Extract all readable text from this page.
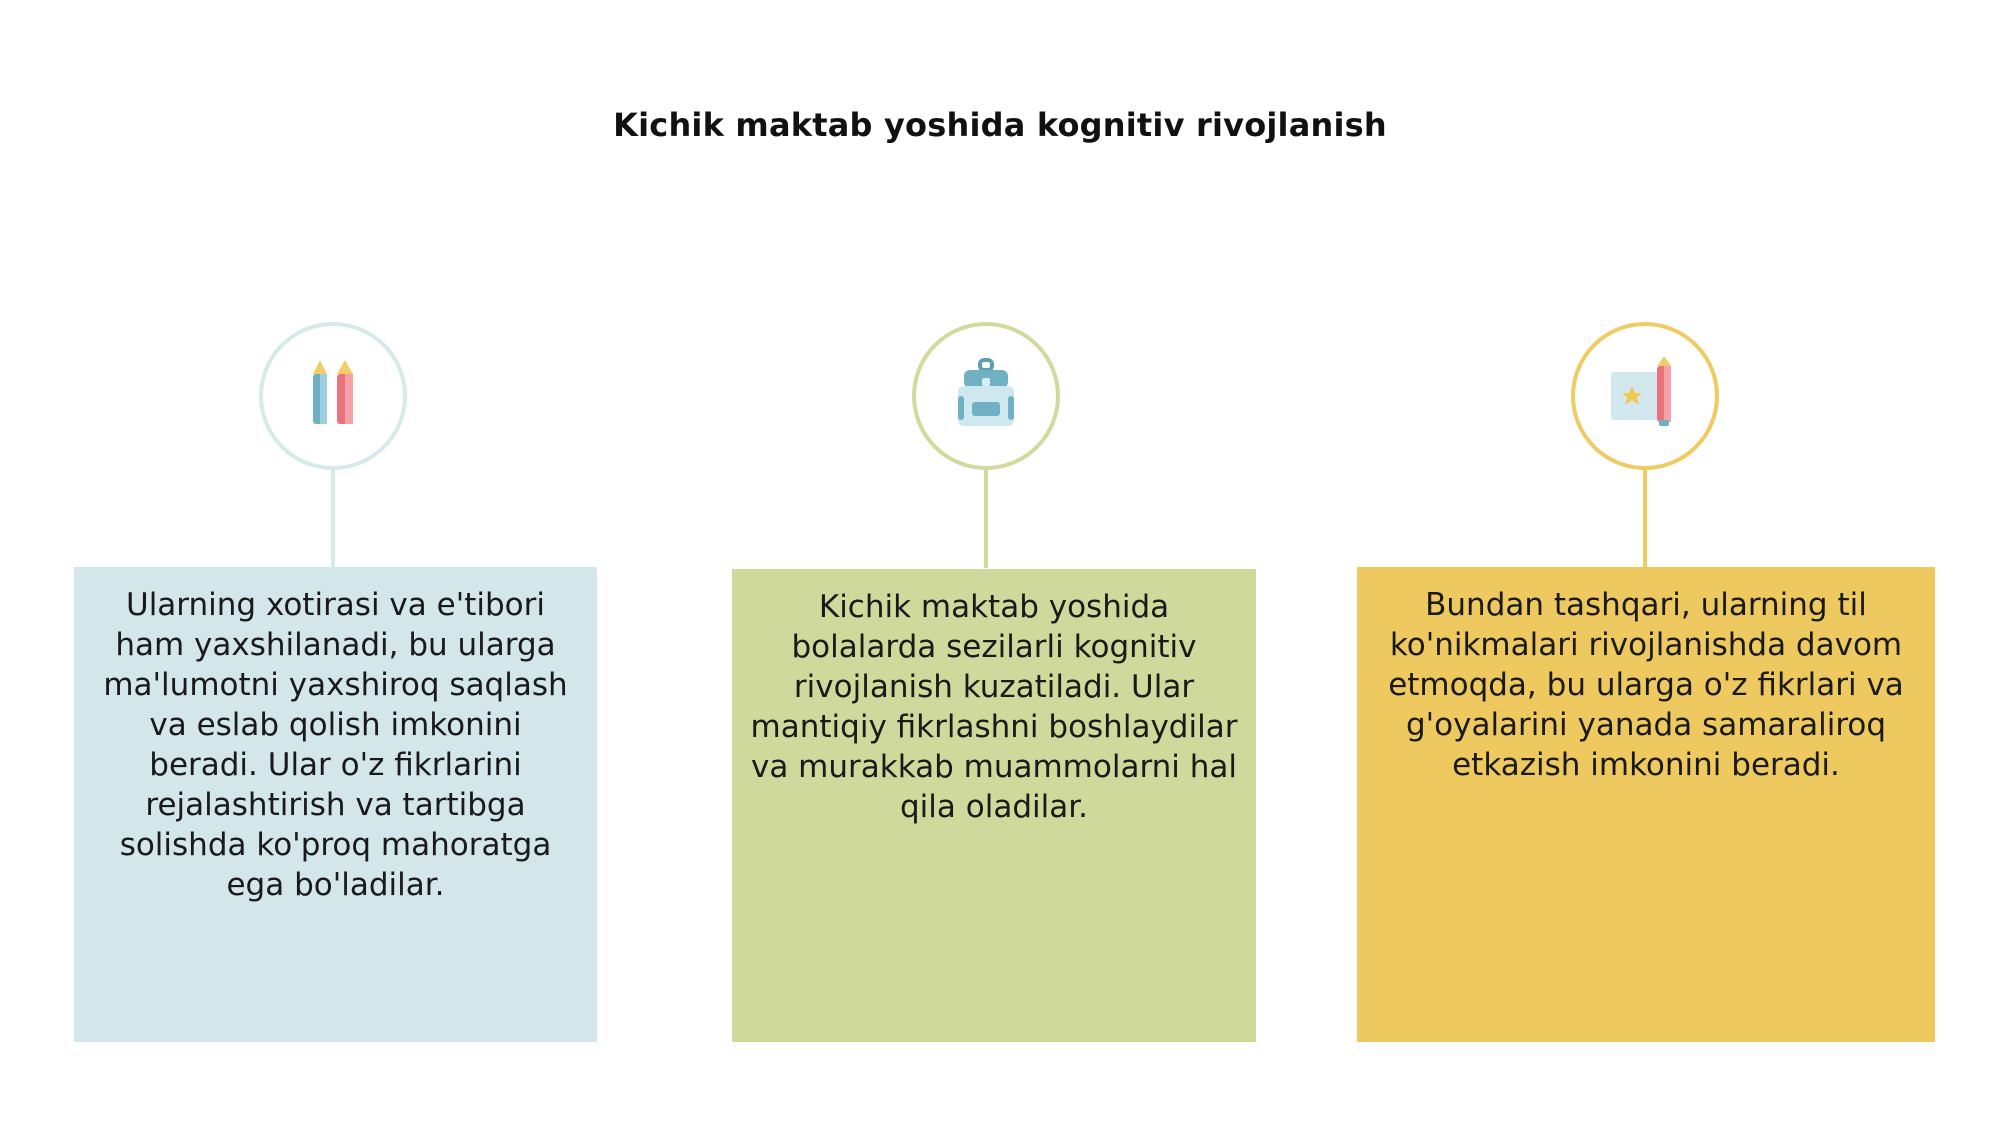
Kichik maktab yoshida kognitiv rivojlanish
Ularning xotirasi va e'tibori ham yaxshilanadi, bu ularga ma'lumotni yaxshiroq saqlash va eslab qolish imkonini beradi. Ular o'z fikrlarini rejalashtirish va tartibga solishda ko'proq mahoratga ega bo'ladilar.
Kichik maktab yoshida bolalarda sezilarli kognitiv rivojlanish kuzatiladi. Ular mantiqiy fikrlashni boshlaydilar va murakkab muammolarni hal qila oladilar.
Bundan tashqari, ularning til ko'nikmalari rivojlanishda davom etmoqda, bu ularga o'z fikrlari va g'oyalarini yanada samaraliroq etkazish imkonini beradi.
